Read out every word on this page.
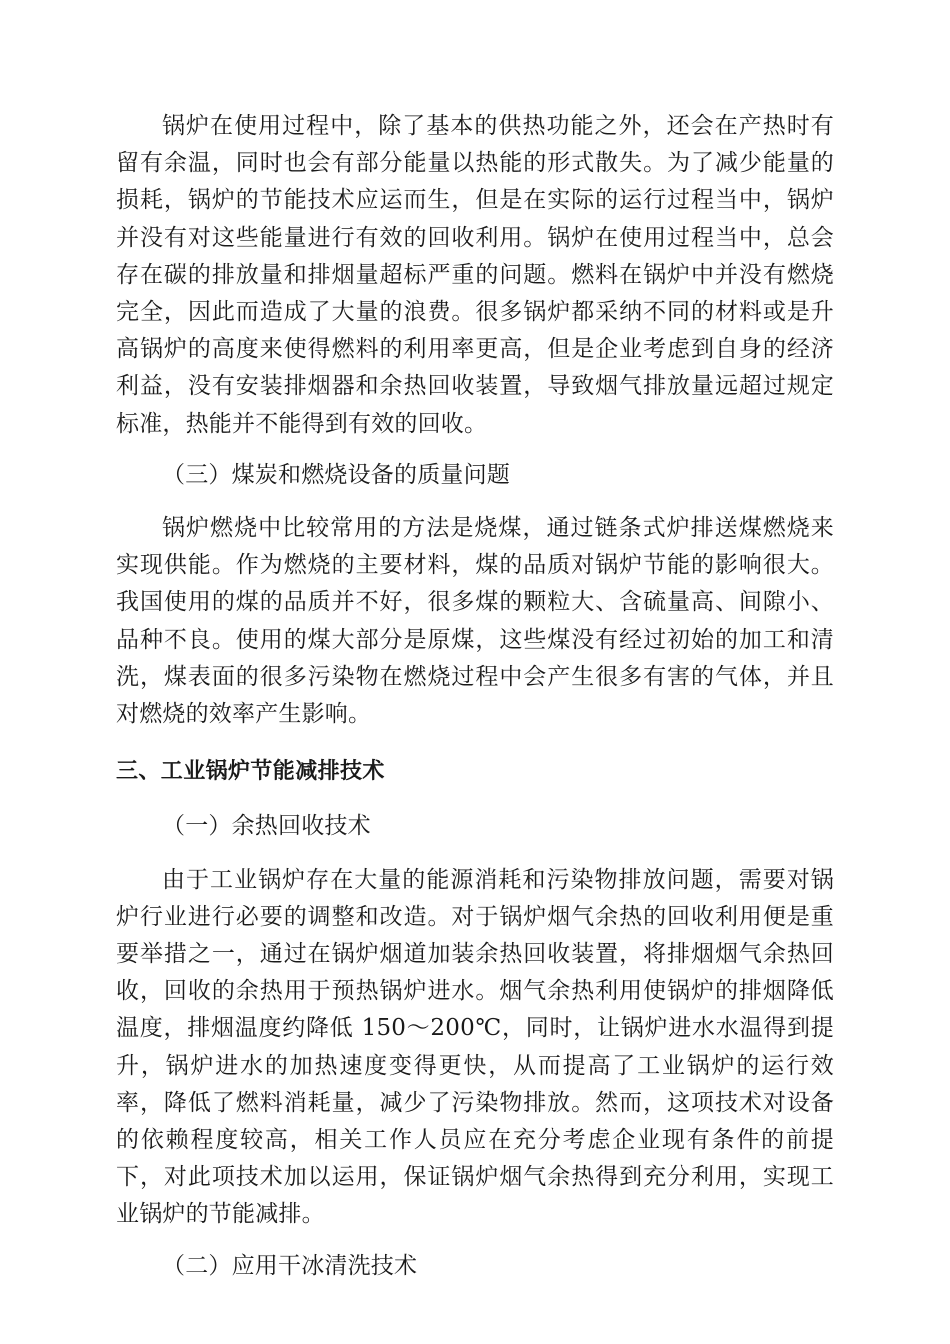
锅炉在使用过程中，除了基本的供热功能之外，还会在产热时有留有余温，同时也会有部分能量以热能的形式散失。为了减少能量的损耗，锅炉的节能技术应运而生，但是在实际的运行过程当中，锅炉并没有对这些能量进行有效的回收利用。锅炉在使用过程当中，总会存在碳的排放量和排烟量超标严重的问题。燃料在锅炉中并没有燃烧完全，因此而造成了大量的浪费。很多锅炉都采纳不同的材料或是升高锅炉的高度来使得燃料的利用率更高，但是企业考虑到自身的经济利益，没有安装排烟器和余热回收装置，导致烟气排放量远超过规定标准，热能并不能得到有效的回收。

（三）煤炭和燃烧设备的质量问题

锅炉燃烧中比较常用的方法是烧煤，通过链条式炉排送煤燃烧来实现供能。作为燃烧的主要材料，煤的品质对锅炉节能的影响很大。我国使用的煤的品质并不好，很多煤的颗粒大、含硫量高、间隙小、品种不良。使用的煤大部分是原煤，这些煤没有经过初始的加工和清洗，煤表面的很多污染物在燃烧过程中会产生很多有害的气体，并且对燃烧的效率产生影响。

三、工业锅炉节能减排技术

（一）余热回收技术

由于工业锅炉存在大量的能源消耗和污染物排放问题，需要对锅炉行业进行必要的调整和改造。对于锅炉烟气余热的回收利用便是重要举措之一，通过在锅炉烟道加装余热回收装置，将排烟烟气余热回收，回收的余热用于预热锅炉进水。烟气余热利用使锅炉的排烟降低温度，排烟温度约降低 150～200℃，同时，让锅炉进水水温得到提升，锅炉进水的加热速度变得更快，从而提高了工业锅炉的运行效率，降低了燃料消耗量，减少了污染物排放。然而，这项技术对设备的依赖程度较高，相关工作人员应在充分考虑企业现有条件的前提下，对此项技术加以运用，保证锅炉烟气余热得到充分利用，实现工业锅炉的节能减排。

（二）应用干冰清洗技术
